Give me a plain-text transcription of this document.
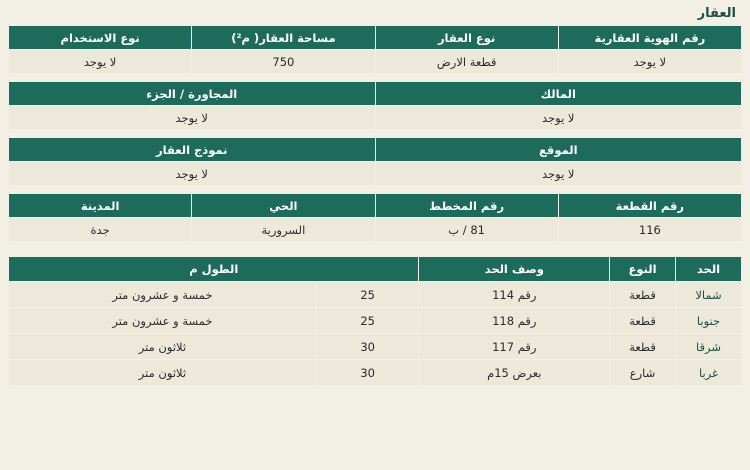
العقار
رقم الهوية العقارية	نوع العقار	مساحة العقار( م²)	نوع الاستخدام
لا يوجد	قطعة الارض	750	لا يوجد

المالك		المجاورة / الجزء	
لا يوجد		لا يوجد	

الموقع		نموذج العقار	
لا يوجد		لا يوجد	

رقم القطعة	رقم المخطط	الحي	المدينة
116	81 / ب	السرورية	جدة
الحد	النوع	وصف الحد	الطول م	
شمالا	قطعة	رقم 114	25	خمسة و عشرون متر
جنوبا	قطعة	رقم 118	25	خمسة و عشرون متر
شرقا	قطعة	رقم 117	30	ثلاثون متر
غربا	شارع	بعرض 15م	30	ثلاثون متر
